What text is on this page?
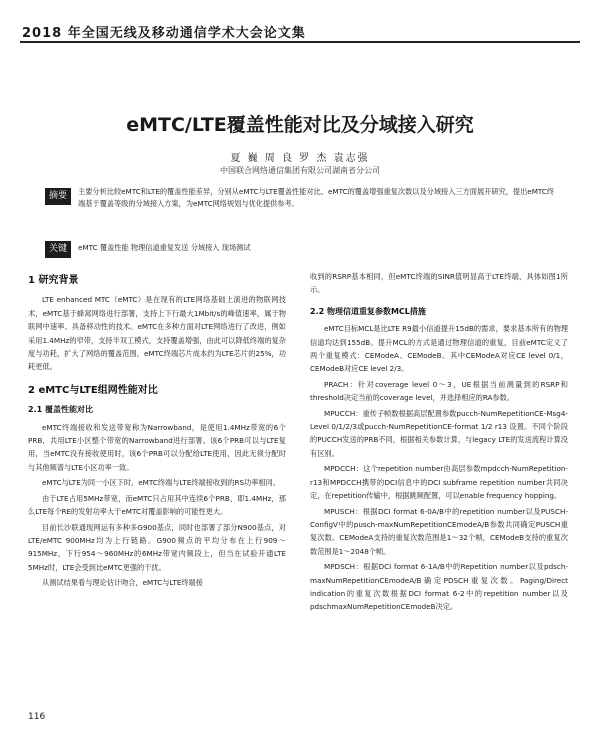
2018 年全国无线及移动通信学术大会论文集
eMTC/LTE覆盖性能对比及分域接入研究
夏 巍 周 良 罗 杰 袁志强
中国联合网络通信集团有限公司湖南省分公司
摘要	主要分析比较eMTC和LTE的覆盖性能差异，分别从eMTC与LTE覆盖性能对比、eMTC的覆盖增强重复次数以及分域接入三方面展开研究，提出eMTC终端基于覆盖等级的分域接入方案，为eMTC网络规划与优化提供参考。
关键词
eMTC 覆盖性能 物理信道重复发送 分域接入 现场测试
1 研究背景

LTE enhanced MTC（eMTC）是在现有的LTE网络基础上演进的物联网技术，eMTC基于蜂窝网络进行部署，支持上下行最大1Mbit/s的峰值速率，属于物联网中速率、具备移动性的技术。eMTC在多种方面对LTE网络进行了改进，例如采用1.4MHz的窄带，支持半双工模式，支持覆盖增强，由此可以降低终端的复杂度与功耗，扩大了网络的覆盖范围，eMTC终端芯片成本约为LTE芯片的25%，功耗更低。

2 eMTC与LTE组网性能对比
2.1 覆盖性能对比

eMTC终端接收和发送带宽称为Narrowband，是使用1.4MHz带宽的6个PRB，共用LTE小区整个带宽的Narrowband进行部署。该6个PRB可以与LTE复用，当eMTC没有接收使用时，该6个PRB可以分配给LTE使用，因此无须分配时与其他频谱与LTE小区功率一致。

eMTC与LTE为同一小区下时，eMTC终端与LTE终端接收到的RS功率相同。

由于LTE占用5MHz带宽，而eMTC只占用其中连续6个PRB，即1.4MHz，那么LTE每个RE的发射功率大于eMTC对覆盖影响的可能性更大。

目前长沙联通现网运有多种多G900基点，同时也部署了部分N900基点，对LTE/eMTC 900MHz均为上行链路。G900频点的平均分布在上行909～915MHz，下行954～960MHz的6MHz带宽内频段上，但当在试验开通LTE 5MHz时，LTE会受到比eMTC更强的干扰。

从测试结果看与理论估计吻合，eMTC与LTE终端接

收到的RSRP基本相同，但eMTC终端的SINR值明显高于LTE终端，具体如图1所示。

2.2 物理信道重复参数MCL措施

eMTC目标MCL是比LTE R9最小信道提升15dB的需求，要求基本所有的物理信道均达到155dB。提升MCL的方式是通过物理信道的重复，目前eMTC定义了两个重复模式：CEModeA、CEModeB。其中CEModeA对应CE level 0/1，CEModeB对应CE level 2/3。

PRACH：针对coverage level 0～3，UE根据当前测量到的RSRP和threshold决定当前的coverage level，并选择相应的RA参数。

MPUCCH：重传子帧数根据高层配置参数pucch-NumRepetitionCE-Msg4-Level 0/1/2/3或pucch-NumRepetitionCE-format 1/2 r13 设置。不同个阶段的PUCCH发送的PRB不同，根据相关参数计算，与legacy LTE的发送流程计算没有区别。

MPDCCH：这个repetition number由高层参数mpdcch-NumRepetition-r13和MPDCCH携带的DCI信息中的DCI subframe repetition number共同决定，在repetition传输中，根据跳频配置，可以enable frequency hopping。

MPUSCH：根据DCI format 6-0A/B中的repetition number以及PUSCH-ConfigV中的pusch-maxNumRepetitionCEmodeA/B参数共同确定PUSCH重复次数。CEModeA支持的重复次数范围是1～32个帧，CEModeB支持的重复次数范围是1～2048个帧。

MPDSCH：根据DCI format 6-1A/B中的Repetition number以及pdsch-maxNumRepetitionCEmodeA/B确定PDSCH重复次数。Paging/Direct indication的重复次数根据DCI format 6-2中的repetition number以及pdschmaxNumRepetitionCEmodeB决定。

116
